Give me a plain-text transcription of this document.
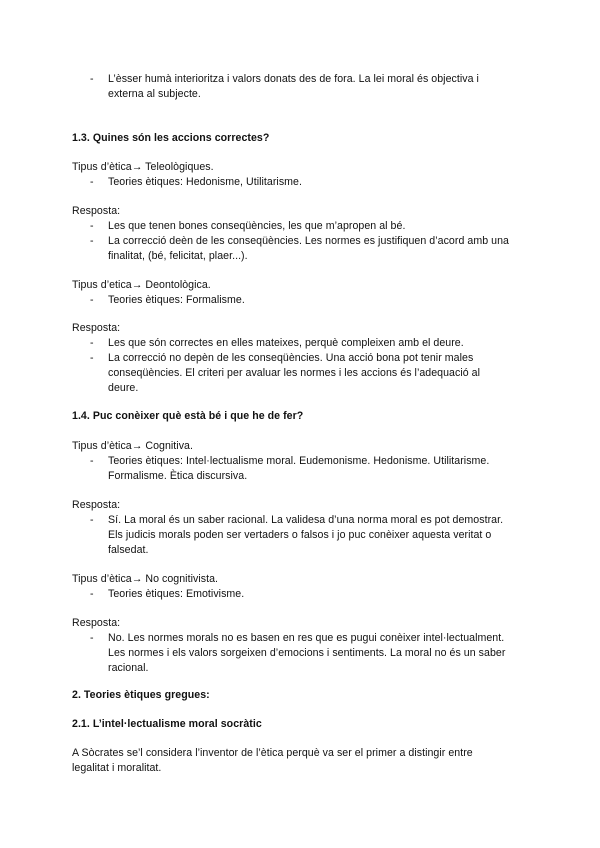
- L’èsser humà interioritza i valors donats des de fora. La lei moral és objectiva i
externa al subjecte.
1.3. Quines són les accions correctes?
Tipus d’ètica→ Teleològiques.
- Teories ètiques: Hedonisme, Utilitarisme.
Resposta:
- Les que tenen bones conseqüències, les que m’apropen al bé.
- La correcció deèn de les conseqüències. Les normes es justifiquen d’acord amb una
finalitat, (bé, felicitat, plaer...).
Tipus d’etica→ Deontològica.
- Teories ètiques: Formalisme.
Resposta:
- Les que són correctes en elles mateixes, perquè compleixen amb el deure.
- La correcció no depèn de les conseqüències. Una acció bona pot tenir males
conseqüències. El criteri per avaluar les normes i les accions és l’adequació al
deure.
1.4. Puc conèixer què està bé i que he de fer?
Tipus d’ètica→ Cognitiva.
- Teories ètiques: Intel·lectualisme moral. Eudemonisme. Hedonisme. Utilitarisme.
Formalisme. Ètica discursiva.
Resposta:
- Sí. La moral és un saber racional. La validesa d’una norma moral es pot demostrar.
Els judicis morals poden ser vertaders o falsos i jo puc conèixer aquesta veritat o
falsedat.
Tipus d’ètica→ No cognitivista.
- Teories ètiques: Emotivisme.
Resposta:
- No. Les normes morals no es basen en res que es pugui conèixer intel·lectualment.
Les normes i els valors sorgeixen d’emocions i sentiments. La moral no és un saber
racional.
2. Teories ètiques gregues:
2.1. L’intel·lectualisme moral socràtic
A Sòcrates se’l considera l’inventor de l’ètica perquè va ser el primer a distingir entre
legalitat i moralitat.
